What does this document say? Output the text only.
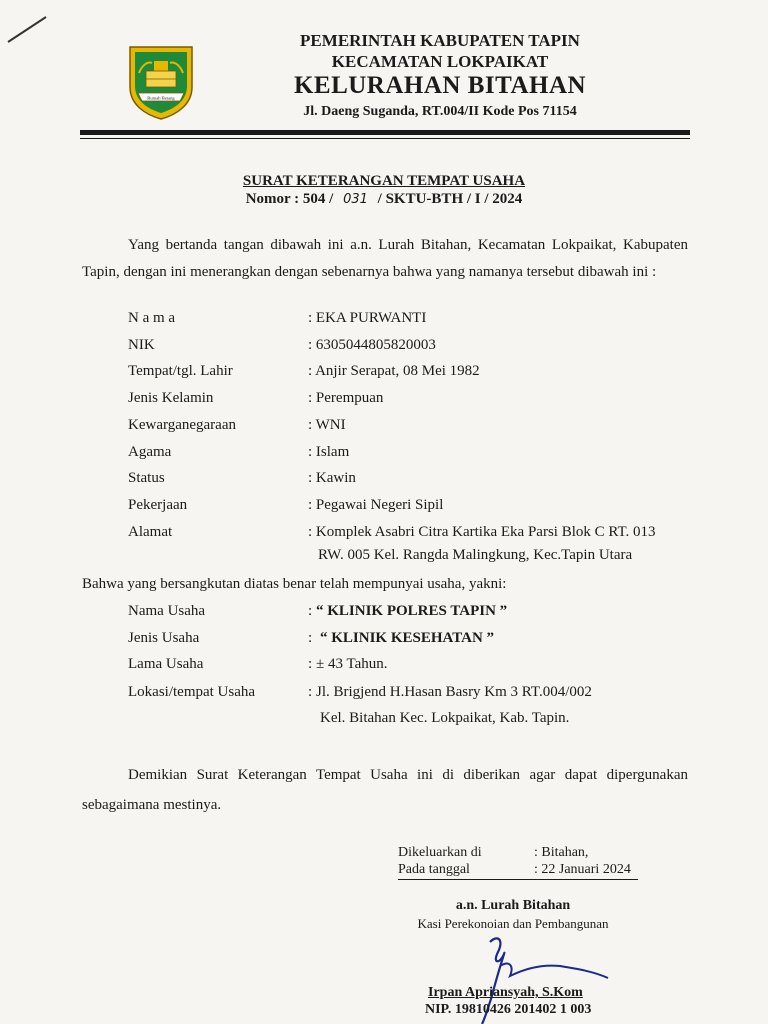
Rumah Betang
PEMERINTAH KABUPATEN TAPIN
KECAMATAN LOKPAIKAT
KELURAHAN BITAHAN
Jl. Daeng Suganda, RT.004/II Kode Pos 71154
SURAT KETERANGAN TEMPAT USAHA
Nomor : 504 / 031 / SKTU-BTH / I / 2024
Yang bertanda tangan dibawah ini a.n. Lurah Bitahan, Kecamatan Lokpaikat, Kabupaten Tapin, dengan ini menerangkan dengan sebenarnya bahwa yang namanya tersebut dibawah ini :
N a m a	: EKA PURWANTI
NIK	: 6305044805820003
Tempat/tgl. Lahir	: Anjir Serapat, 08 Mei 1982
Jenis Kelamin	: Perempuan
Kewarganegaraan	: WNI
Agama	: Islam
Status	: Kawin
Pekerjaan	: Pegawai Negeri Sipil
Alamat	: Komplek Asabri Citra Kartika Eka Parsi Blok C RT. 013
RW. 005 Kel. Rangda Malingkung, Kec.Tapin Utara
Bahwa yang bersangkutan diatas benar telah mempunyai usaha, yakni:
Nama Usaha	: “ KLINIK POLRES TAPIN ”
Jenis Usaha	: “ KLINIK KESEHATAN ”
Lama Usaha	: ± 43 Tahun.
Lokasi/tempat Usaha	: Jl. Brigjend H.Hasan Basry Km 3 RT.004/002
Kel. Bitahan Kec. Lokpaikat, Kab. Tapin.
Demikian Surat Keterangan Tempat Usaha ini di diberikan agar dapat dipergunakan sebagaimana mestinya.
Dikeluarkan di	: Bitahan,
Pada tanggal	: 22 Januari 2024
a.n. Lurah Bitahan
Kasi Perekonoian dan Pembangunan
Irpan Apriansyah, S.Kom
NIP. 19810426 201402 1 003
